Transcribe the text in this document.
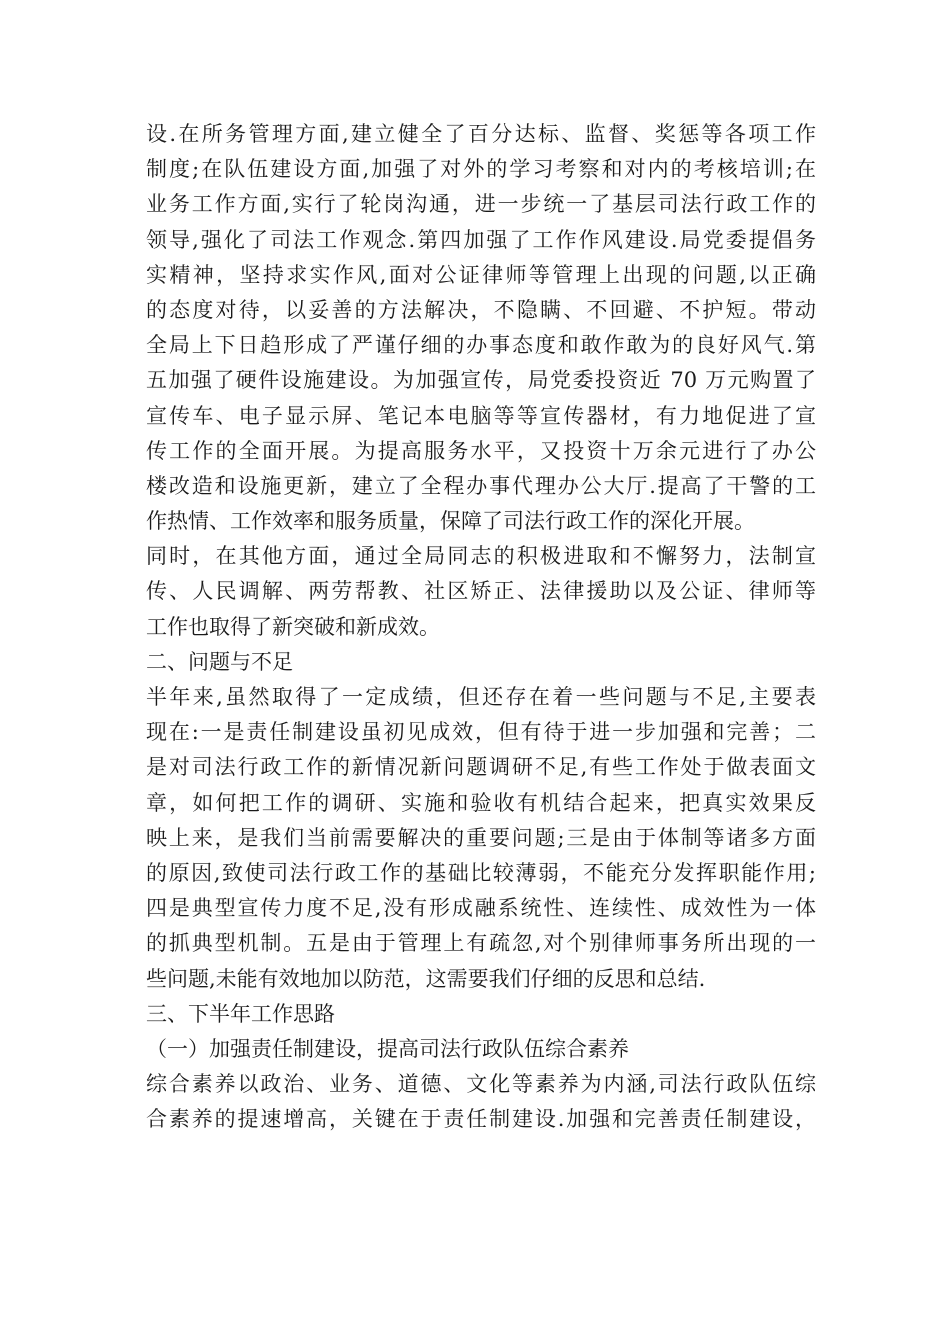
设.在所务管理方面,建立健全了百分达标、监督、奖惩等各项工作
制度;在队伍建设方面,加强了对外的学习考察和对内的考核培训;在
业务工作方面,实行了轮岗沟通，进一步统一了基层司法行政工作的
领导,强化了司法工作观念.第四加强了工作作风建设.局党委提倡务
实精神，坚持求实作风,面对公证律师等管理上出现的问题,以正确
的态度对待，以妥善的方法解决，不隐瞒、不回避、不护短。带动
全局上下日趋形成了严谨仔细的办事态度和敢作敢为的良好风气.第
五加强了硬件设施建设。为加强宣传，局党委投资近 70 万元购置了
宣传车、电子显示屏、笔记本电脑等等宣传器材，有力地促进了宣
传工作的全面开展。为提高服务水平，又投资十万余元进行了办公
楼改造和设施更新，建立了全程办事代理办公大厅.提高了干警的工
作热情、工作效率和服务质量，保障了司法行政工作的深化开展。
同时，在其他方面，通过全局同志的积极进取和不懈努力，法制宣
传、人民调解、两劳帮教、社区矫正、法律援助以及公证、律师等
工作也取得了新突破和新成效。
二、问题与不足
半年来,虽然取得了一定成绩，但还存在着一些问题与不足,主要表
现在:一是责任制建设虽初见成效，但有待于进一步加强和完善；二
是对司法行政工作的新情况新问题调研不足,有些工作处于做表面文
章，如何把工作的调研、实施和验收有机结合起来，把真实效果反
映上来，是我们当前需要解决的重要问题;三是由于体制等诸多方面
的原因,致使司法行政工作的基础比较薄弱，不能充分发挥职能作用;
四是典型宣传力度不足,没有形成融系统性、连续性、成效性为一体
的抓典型机制。五是由于管理上有疏忽,对个别律师事务所出现的一
些问题,未能有效地加以防范，这需要我们仔细的反思和总结.
三、下半年工作思路
（一）加强责任制建设，提高司法行政队伍综合素养
综合素养以政治、业务、道德、文化等素养为内涵,司法行政队伍综
合素养的提速增高，关键在于责任制建设.加强和完善责任制建设，
